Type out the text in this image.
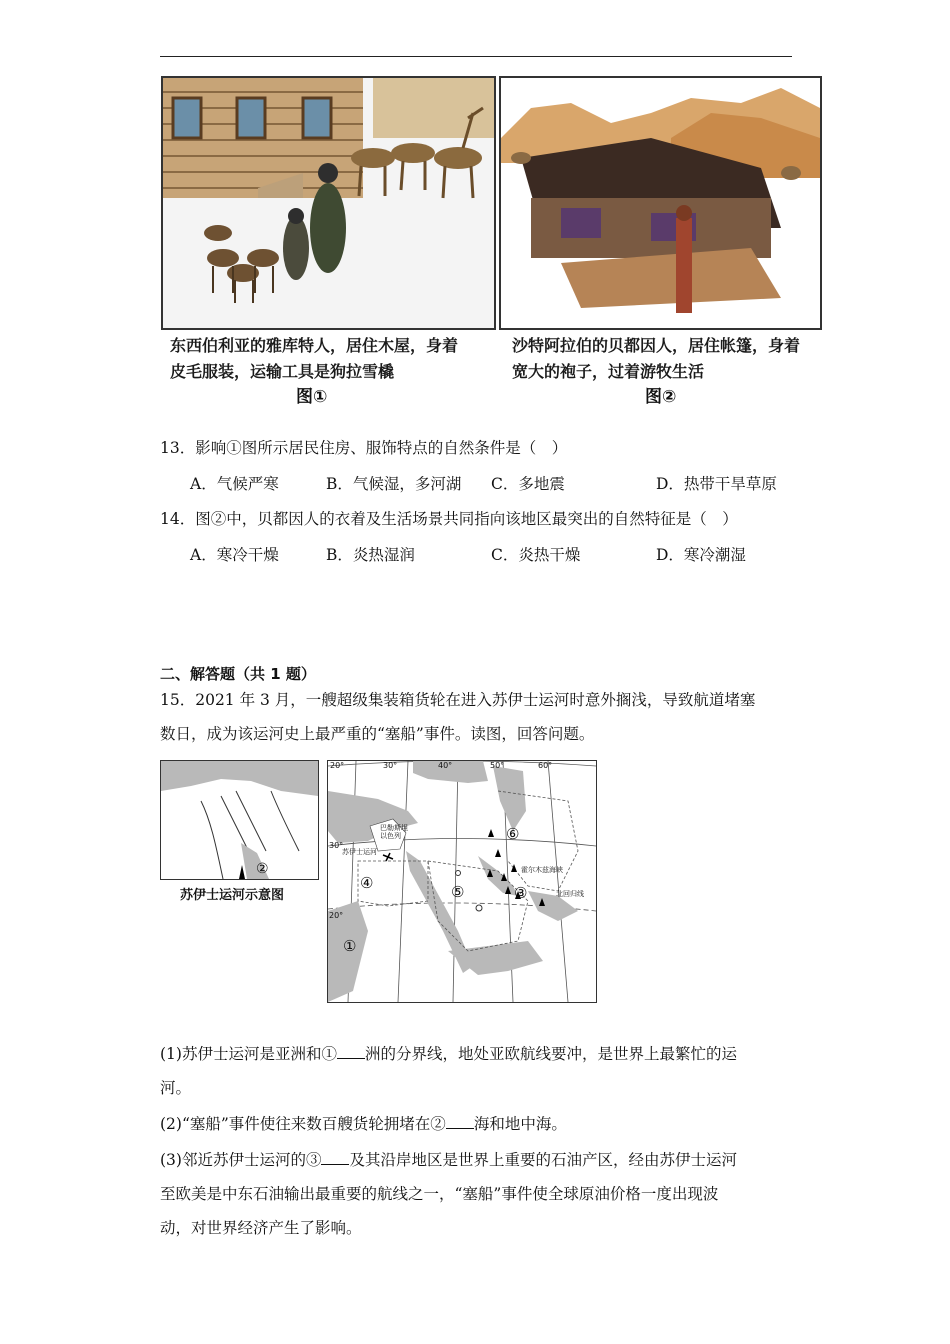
东西伯利亚的雅库特人，居住木屋，身着
皮毛服装，运输工具是狗拉雪橇
图①
沙特阿拉伯的贝都因人，居住帐篷，身着
宽大的袍子，过着游牧生活
图②
13．影响①图所示居民住房、服饰特点的自然条件是（　）
A．气候严寒	B．气候湿，多河湖 C．多地震	D．热带干旱草原
14．图②中，贝都因人的衣着及生活场景共同指向该地区最突出的自然特征是（　）
A．寒冷干燥	B．炎热湿润	C．炎热干燥	D．寒冷潮湿
二、解答题（共 1 题）
15．2021 年 3 月，一艘超级集装箱货轮在进入苏伊士运河时意外搁浅，导致航道堵塞
数日，成为该运河史上最严重的“塞船”事件。读图，回答问题。
②
苏伊士运河示意图
20°	30°	40°	50°	60°
30°
20°
巴勒斯坦以色列
苏伊士运河
霍尔木兹海峡
北回归线
①
③
④	⑤
⑥
(1)苏伊士运河是亚洲和① 洲的分界线，地处亚欧航线要冲，是世界上最繁忙的运
河。
(2)“塞船”事件使往来数百艘货轮拥堵在② 海和地中海。
(3)邻近苏伊士运河的③ 及其沿岸地区是世界上重要的石油产区，经由苏伊士运河
至欧美是中东石油输出最重要的航线之一，“塞船”事件使全球原油价格一度出现波
动，对世界经济产生了影响。
